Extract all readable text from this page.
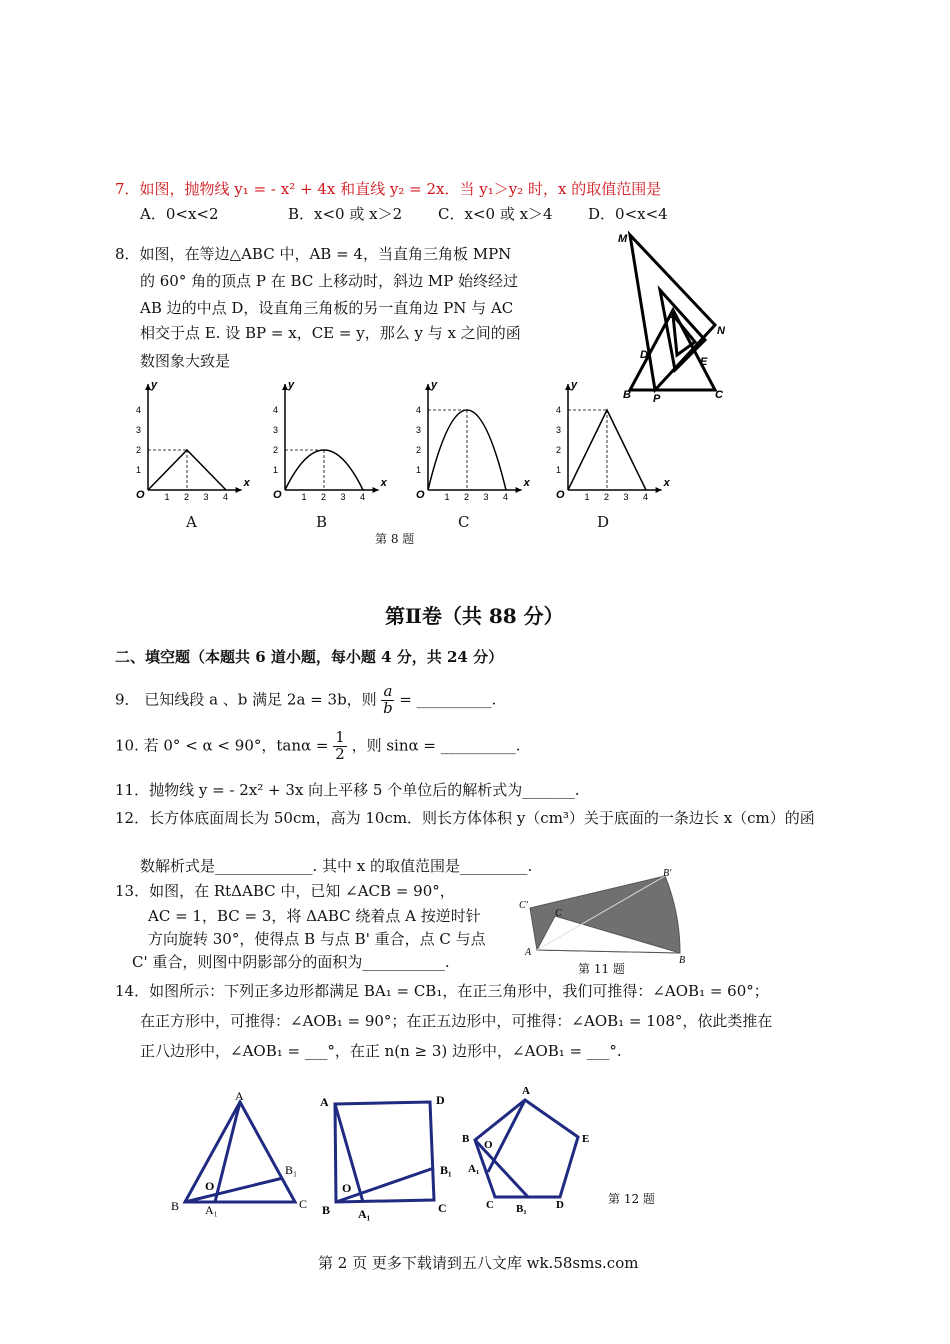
7．如图，抛物线 y₁ = - x² + 4x 和直线 y₂ = 2x．当 y₁＞y₂ 时，x 的取值范围是
A．0<x<2	B．x<0 或 x＞2 C．x<0 或 x＞4 D．0<x<4
8．如图，在等边△ABC 中，AB = 4，当直角三角板 MPN
的 60° 角的顶点 P 在 BC 上移动时，斜边 MP 始终经过
AB 边的中点 D，设直角三角板的另一直角边 PN 与 AC
相交于点 E. 设 BP = x，CE = y，那么 y 与 x 之间的函
数图象大致是
M
A
N
D
E
B P	C
x
y
O 1
1
2
2
3
3
4
4
x
y
O 1
1
2
2
3
3
4
4
x
y
O 1
1
2
2
3
3
4
4
x
y
O 1
1
2
2
3
3
4
4
A	B	C	D
第 8 题
第Ⅱ卷（共 88 分）
二、填空题（本题共 6 道小题，每小题 4 分，共 24 分）
9． 已知线段 a 、b 满足 2a = 3b，则 $\frac{a}{b}$ = __________.
10. 若 0° < α < 90°，$\tan\alpha = \frac{1}{2}$ ，则 sinα = __________.
11．抛物线 y = - 2x² + 3x 向上平移 5 个单位后的解析式为_______.
12．长方体底面周长为 50cm，高为 10cm．则长方体体积 y（cm³）关于底面的一条边长 x（cm）的函
数解析式是_____________. 其中 x 的取值范围是_________.
13．如图，在 RtΔABC 中，已知 ∠ACB = 90°，
AC = 1，BC = 3，将 ΔABC 绕着点 A 按逆时针
方向旋转 30°，使得点 B 与点 B' 重合，点 C 与点
C' 重合，则图中阴影部分的面积为___________.
B'
C'
C
A
B
第 11 题
14．如图所示：下列正多边形都满足 BA₁ = CB₁，在正三角形中，我们可推得：∠AOB₁ = 60°；
在正方形中，可推得：∠AOB₁ = 90°；在正五边形中，可推得：∠AOB₁ = 108°，依此类推在
正八边形中，∠AOB₁ = ___°，在正 n(n ≥ 3) 边形中，∠AOB₁ = ___°.
A
B₁
O
B A₁	C
A	D
B₁
O
B A₁	C
A
B O	E
A₁
C B₁	D	第 12 题
第 2 页 更多下载请到五八文库 wk.58sms.com
